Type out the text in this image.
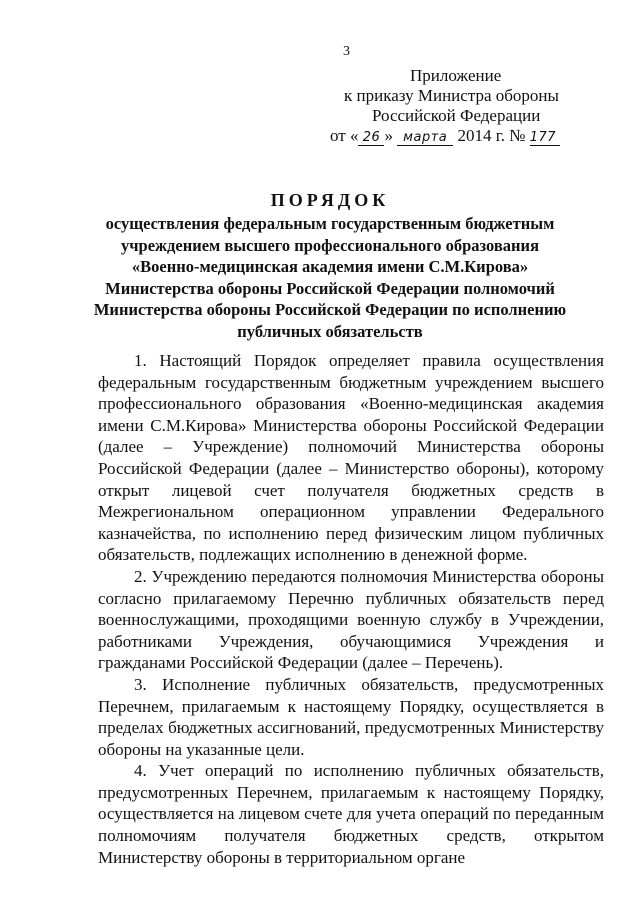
3
Приложение
к приказу Министра обороны
Российской Федерации
от « 26 » марта 2014 г. № 177
ПОРЯДОК
осуществления федеральным государственным бюджетным
учреждением высшего профессионального образования
«Военно-медицинская академия имени С.М.Кирова»
Министерства обороны Российской Федерации полномочий
Министерства обороны Российской Федерации по исполнению
публичных обязательств

1. Настоящий Порядок определяет правила осуществления федеральным государственным бюджетным учреждением высшего профессионального образования «Военно-медицинская академия имени С.М.Кирова» Министерства обороны Российской Федерации (далее – Учреждение) полномочий Министерства обороны Российской Федерации (далее – Министерство обороны), которому открыт лицевой счет получателя бюджетных средств в Межрегиональном операционном управлении Федерального казначейства, по исполнению перед физическим лицом публичных обязательств, подлежащих исполнению в денежной форме.

2. Учреждению передаются полномочия Министерства обороны согласно прилагаемому Перечню публичных обязательств перед военнослужащими, проходящими военную службу в Учреждении, работниками Учреждения, обучающимися Учреждения и гражданами Российской Федерации (далее – Перечень).

3. Исполнение публичных обязательств, предусмотренных Перечнем, прилагаемым к настоящему Порядку, осуществляется в пределах бюджетных ассигнований, предусмотренных Министерству обороны на указанные цели.

4. Учет операций по исполнению публичных обязательств, предусмотренных Перечнем, прилагаемым к настоящему Порядку, осуществляется на лицевом счете для учета операций по переданным полномочиям получателя бюджетных средств, открытом Министерству обороны в территориальном органе
